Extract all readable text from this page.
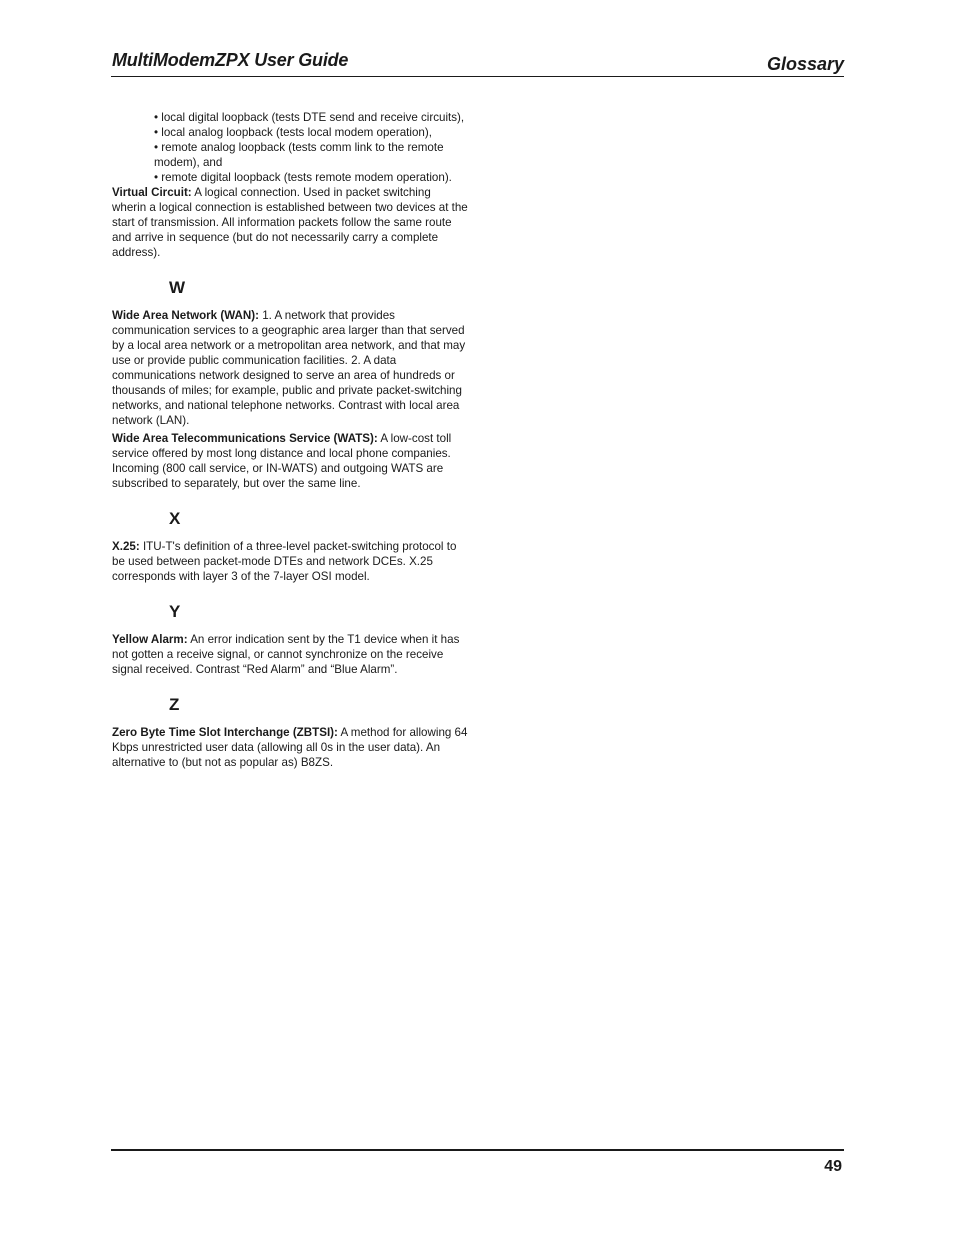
MultiModemZPX User Guide	Glossary
• local digital loopback (tests DTE send and receive circuits),
• local analog loopback (tests local modem operation),
• remote analog loopback (tests comm link to the remote modem), and
• remote digital loopback (tests remote modem operation).

Virtual Circuit: A logical connection. Used in packet switching wherin a logical connection is established between two devices at the start of transmission. All information packets follow the same route and arrive in sequence (but do not necessarily carry a complete address).

W

Wide Area Network (WAN): 1. A network that provides communication services to a geographic area larger than that served by a local area network or a metropolitan area network, and that may use or provide public communication facilities. 2. A data communications network designed to serve an area of hundreds or thousands of miles; for example, public and private packet-switching networks, and national telephone networks. Contrast with local area network (LAN).

Wide Area Telecommunications Service (WATS): A low-cost toll service offered by most long distance and local phone companies. Incoming (800 call service, or IN-WATS) and outgoing WATS are subscribed to separately, but over the same line.

X

X.25: ITU-T's definition of a three-level packet-switching protocol to be used between packet-mode DTEs and network DCEs. X.25 corresponds with layer 3 of the 7-layer OSI model.

Y

Yellow Alarm: An error indication sent by the T1 device when it has not gotten a receive signal, or cannot synchronize on the receive signal received. Contrast “Red Alarm” and “Blue Alarm”.

Z

Zero Byte Time Slot Interchange (ZBTSI): A method for allowing 64 Kbps unrestricted user data (allowing all 0s in the user data). An alternative to (but not as popular as) B8ZS.

49
